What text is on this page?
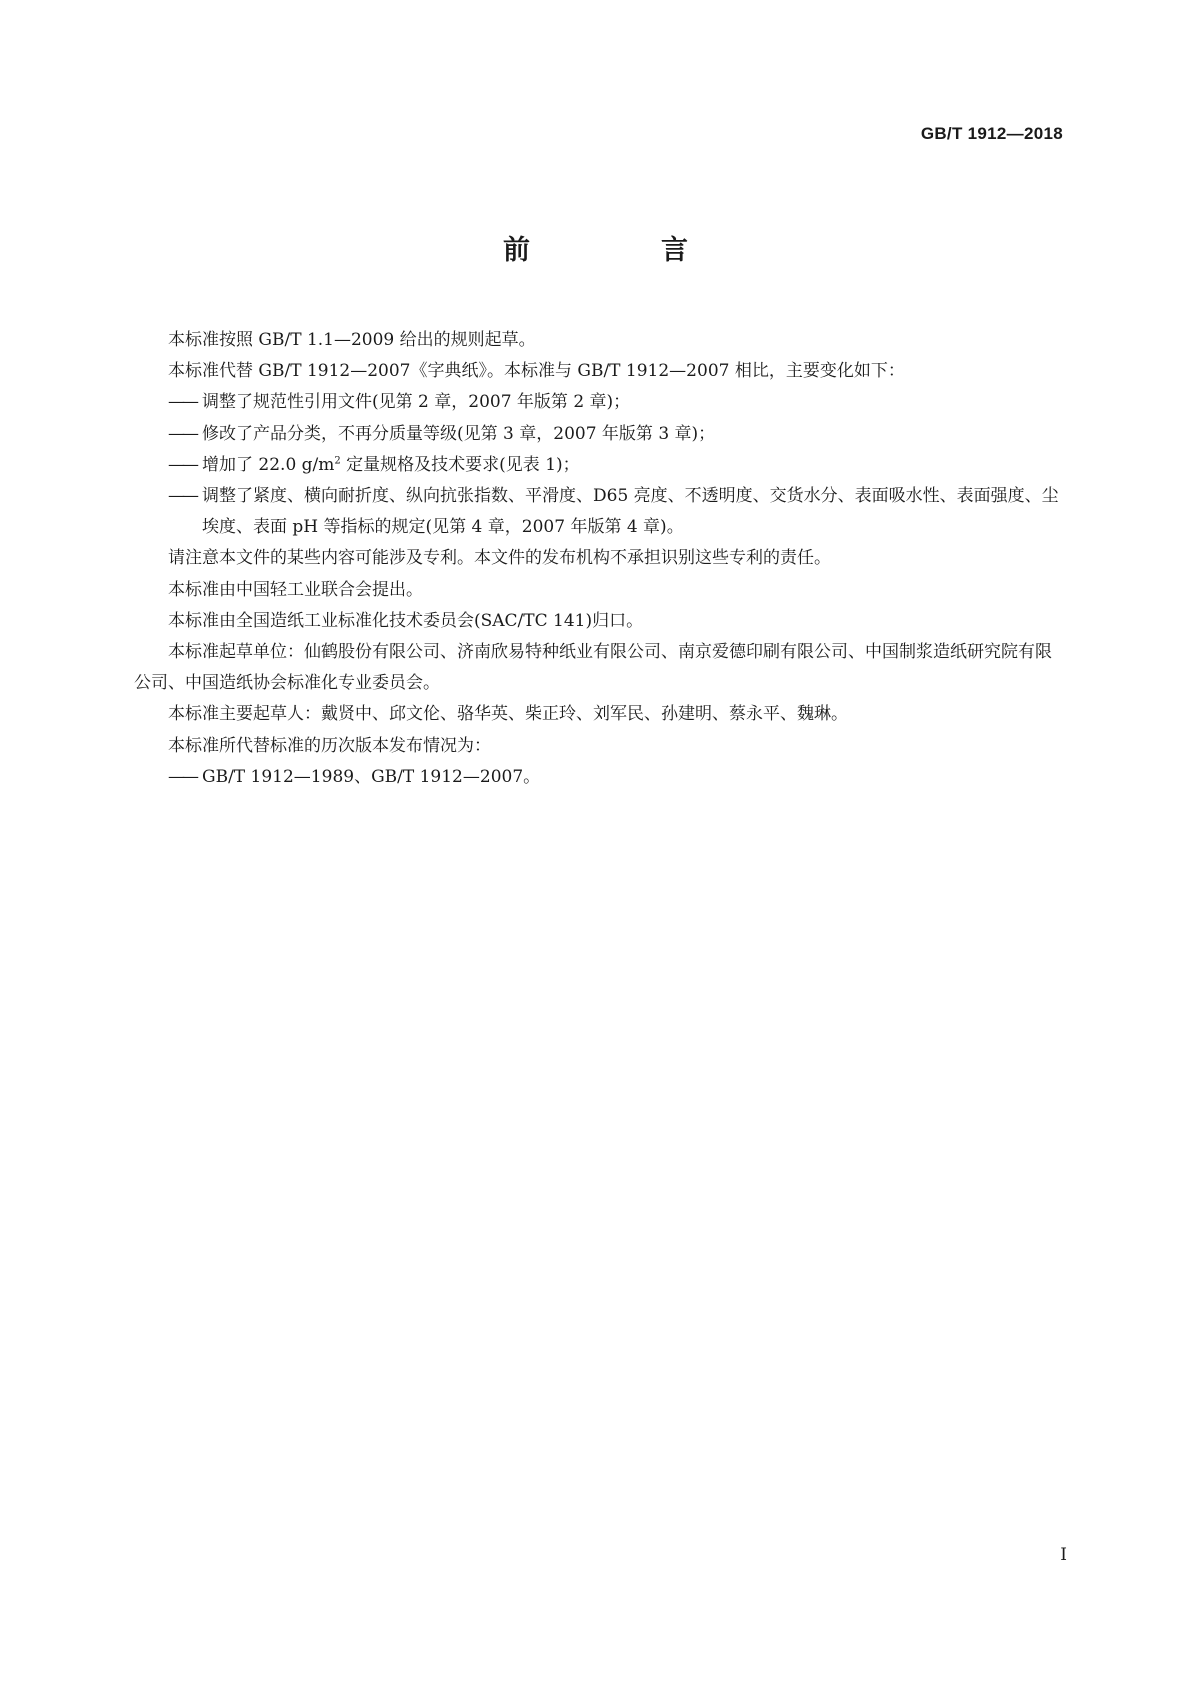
GB/T 1912—2018
前　言

本标准按照 GB/T 1.1—2009 给出的规则起草。

本标准代替 GB/T 1912—2007《字典纸》。本标准与 GB/T 1912—2007 相比，主要变化如下：

—— 调整了规范性引用文件(见第 2 章，2007 年版第 2 章)；

—— 修改了产品分类，不再分质量等级(见第 3 章，2007 年版第 3 章)；

—— 增加了 22.0 $g/m^2$ 定量规格及技术要求(见表 1)；

—— 调整了紧度、横向耐折度、纵向抗张指数、平滑度、D65 亮度、不透明度、交货水分、表面吸水性、表面强度、尘埃度、表面 pH 等指标的规定(见第 4 章，2007 年版第 4 章)。

请注意本文件的某些内容可能涉及专利。本文件的发布机构不承担识别这些专利的责任。

本标准由中国轻工业联合会提出。

本标准由全国造纸工业标准化技术委员会(SAC/TC 141)归口。

本标准起草单位：仙鹤股份有限公司、济南欣易特种纸业有限公司、南京爱德印刷有限公司、中国制浆造纸研究院有限公司、中国造纸协会标准化专业委员会。

本标准主要起草人：戴贤中、邱文伦、骆华英、柴正玲、刘军民、孙建明、蔡永平、魏琳。

本标准所代替标准的历次版本发布情况为：

—— GB/T 1912—1989、GB/T 1912—2007。

I
